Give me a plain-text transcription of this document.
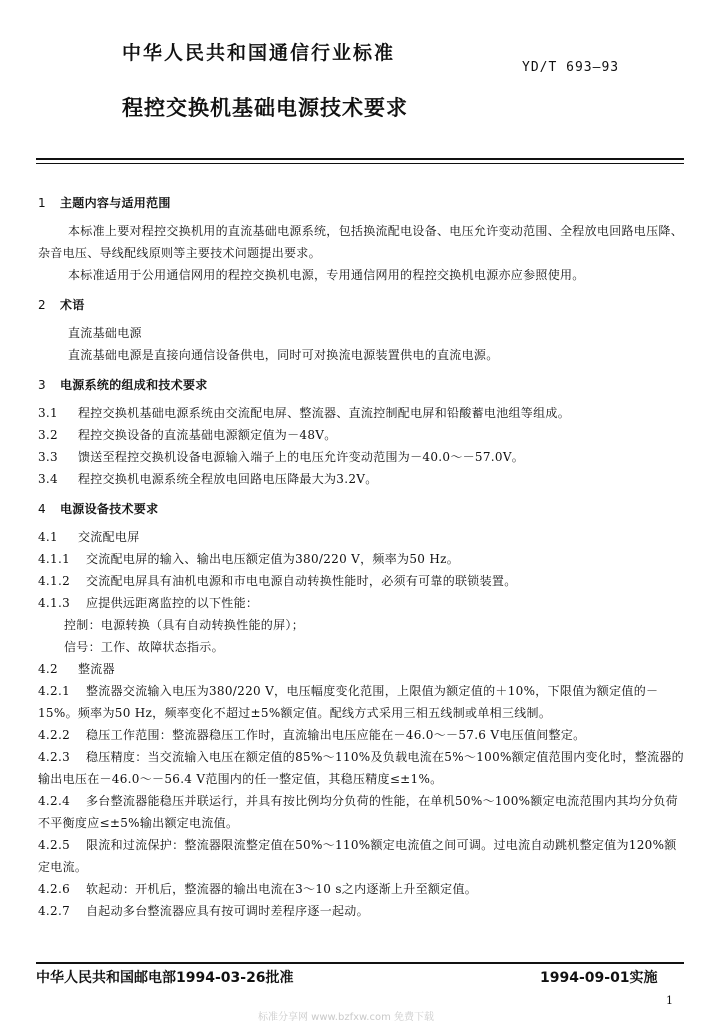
中华人民共和国通信行业标准
YD/T 693—93
程控交换机基础电源技术要求

1 主题内容与适用范围

本标准上要对程控交换机用的直流基础电源系统，包括换流配电设备、电压允许变动范围、全程放电回路电压降、杂音电压、导线配线原则等主要技术问题提出要求。

本标准适用于公用通信网用的程控交换机电源，专用通信网用的程控交换机电源亦应参照使用。

2 术语

直流基础电源

直流基础电源是直接向通信设备供电，同时可对换流电源装置供电的直流电源。

3 电源系统的组成和技术要求

3.1 程控交换机基础电源系统由交流配电屏、整流器、直流控制配电屏和铅酸蓄电池组等组成。

3.2 程控交换设备的直流基础电源额定值为－48V。

3.3 馈送至程控交换机设备电源输入端子上的电压允许变动范围为－40.0～－57.0V。

3.4 程控交换机电源系统全程放电回路电压降最大为3.2V。

4 电源设备技术要求

4.1 交流配电屏

4.1.1 交流配电屏的输入、输出电压额定值为380/220 V，频率为50 Hz。

4.1.2 交流配电屏具有油机电源和市电电源自动转换性能时，必须有可靠的联锁装置。

4.1.3 应提供远距离监控的以下性能：

控制：电源转换（具有自动转换性能的屏）；

信号：工作、故障状态指示。

4.2 整流器

4.2.1 整流器交流输入电压为380/220 V，电压幅度变化范围，上限值为额定值的＋10%，下限值为额定值的－15%。频率为50 Hz，频率变化不超过±5%额定值。配线方式采用三相五线制或单相三线制。

4.2.2 稳压工作范围：整流器稳压工作时，直流输出电压应能在－46.0～－57.6 V电压值间整定。

4.2.3 稳压精度：当交流输入电压在额定值的85%～110%及负载电流在5%～100%额定值范围内变化时，整流器的输出电压在－46.0～－56.4 V范围内的任一整定值，其稳压精度≤±1%。

4.2.4 多台整流器能稳压并联运行，并具有按比例均分负荷的性能，在单机50%～100%额定电流范围内其均分负荷不平衡度应≤±5%输出额定电流值。

4.2.5 限流和过流保护：整流器限流整定值在50%～110%额定电流值之间可调。过电流自动跳机整定值为120%额定电流。

4.2.6 软起动：开机后，整流器的输出电流在3～10 s之内逐渐上升至额定值。

4.2.7 自起动多台整流器应具有按可调时差程序逐一起动。

中华人民共和国邮电部1994-03-26批准	1994-09-01实施
1
标准分享网 www.bzfxw.com 免费下载
